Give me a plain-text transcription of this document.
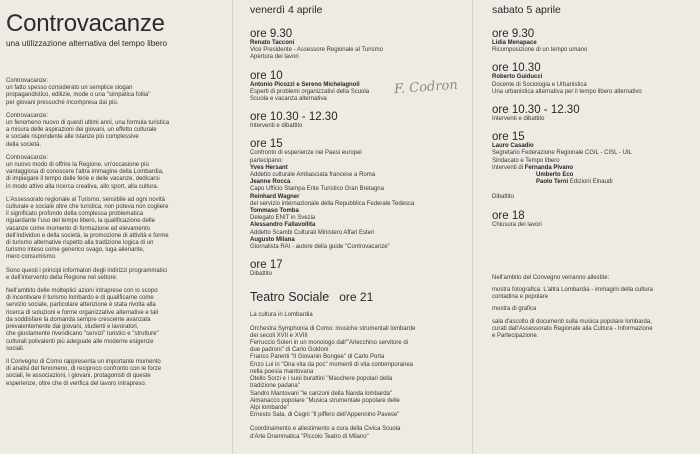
Controvacanze
una utilizzazione alternativa del tempo libero
Controvacanze:
un fatto spesso considerato un semplice slogan
propagandistico, edilizie, mode o una "simpatica follia"
per giovani pressoché incompresa dai più.
Controvacanze:
un fenomeno nuovo di questi ultimi anni, una formula turistica
a misura delle aspirazioni dei giovani, un effetto culturale
e sociale rispondente alle istanze più complessive
della società.
Controvacanze:
un nuovo modo di offrire la Regione, un'occasione più
vantaggiosa di conoscere l'altra immagine della Lombardia,
di impiegare il tempo delle ferie e delle vacanze, dedicarsi
in modo attivo alla ricerca creativa, allo sport, alla cultura.
L'Assessorato regionale al Turismo, sensibile ad ogni novità
culturale e sociale oltre che turistica, non poteva non cogliere
il significato profondo della complessa problematica
riguardante l'uso del tempo libero, la qualificazione delle
vacanze come momento di formazione ed elevamento
dell'individuo e della società, la promozione di attività e forme
di turismo alternative rispetto alla tradizione logica di un
turismo inteso come generico svago, luga alienante,
mero consumismo.
Sono questi i principi informatori degli indirizzi programmatici
e dell'intervento della Regione nel settore.
Nell'ambito delle molteplici azioni intraprese con lo scopo
di incentivare il turismo lombardo e di qualificarne come
servizio sociale, particolare attenzione è stata rivolta alla
ricerca di soluzioni e forme organizzative alternative e tali
da soddisfare la domanda sempre crescente avanzata
prevalentemente dai giovani, studenti e lavoratori,
che giustamente rivendicano "servizi" turistici e "strutture"
culturali polivalenti più adeguate alle moderne esigenze
sociali.
Il Convegno di Como rappresenta un importante momento
di analisi del fenomeno, di reciproco confronto con le forze
sociali, le associazioni, i giovani, protagonisti di queste
esperienze, oltre che di verifica del lavoro intrapreso.
venerdì 4 aprile
ore 9.30
Renato Tacconi
Vice Presidente - Assessore Regionale al Turismo
Apertura dei lavori
ore 10
Antonio Picozzi e Sereno Michelagnoli
Esperti di problemi organizzativi della Scuola
Scuola e vacanza alternativa
ore 10.30 - 12.30
Interventi e dibattito
ore 15
Confronto di esperienze nei Paesi europei
partecipano:
Yves Hersant
Addetto culturale Ambasciata francese a Roma
Jeanne Rocca
Capo Ufficio Stampa Ente Turistico Gran Bretagna
Reinhard Wagner
del servizio internazionale della Repubblica Federale Tedesca
Tommaso Tomba
Delegato ENIT in Svezia
Alessandro Fallavollita
Addetto Scambi Culturali Ministero Affari Esteri
Augusto Milana
Giornalista RAI - autore della guide "Controvacanze"
ore 17
Dibattito
Teatro Sociale ore 21
La cultura in Lombardia
Orchestra Symphonia di Como: musiche strumentali lombarde
dei secoli XVII e XVIII
Ferruccio Soleri in un monologo dall'"Arlecchino servitore di
due padroni" di Carlo Goldoni
Franco Parenti "Il Giovanin Bongee" di Carlo Porta
Enzo Lui in "Ona vita da poc" momenti di vita contemporanea
nella poesia mantovana
Otello Sorzi e i suoi burattini "Maschere popolari della
tradizione padana"
Sandro Mantovani "le canzoni della filanda lombarda"
Almanacco popolare "Musica strumentale popolare delle
Alpi lombarde"
Ernesto Sala, di Cegni "Il piffero dell'Appennino Pavese"
Coordinamento e allestimento a cura della Civica Scuola
d'Arte Drammatica "Piccolo Teatro di Milano"
F. Codron
sabato 5 aprile
ore 9.30
Lidia Menapace
Ricomposizione di un tempo umano
ore 10.30
Roberto Guiducci
Docente di Sociologia e Urbanistica
Una urbanistica alternativa per il tempo libero alternativo
ore 10.30 - 12.30
Interventi e dibattito
ore 15
Lauro Casadio
Segretario Federazione Regionale CGIL - CISL - UIL
Sindacato e Tempo libero
Interventi di Fernanda Pivano
Umberto Eco
Paolo Terni Edizioni Einaudi
Dibattito
ore 18
Chiusura dei lavori
Nell'ambito del Convegno verranno allestite:
mostra fotografica: L'altra Lombardia - immagini della cultura
contadina e popolare
mostra di grafica
sala d'ascolto di documenti sulla musica popolare lombarda,
curati dall'Assessorato Regionale alla Cultura - Informazione
e Partecipazione.
